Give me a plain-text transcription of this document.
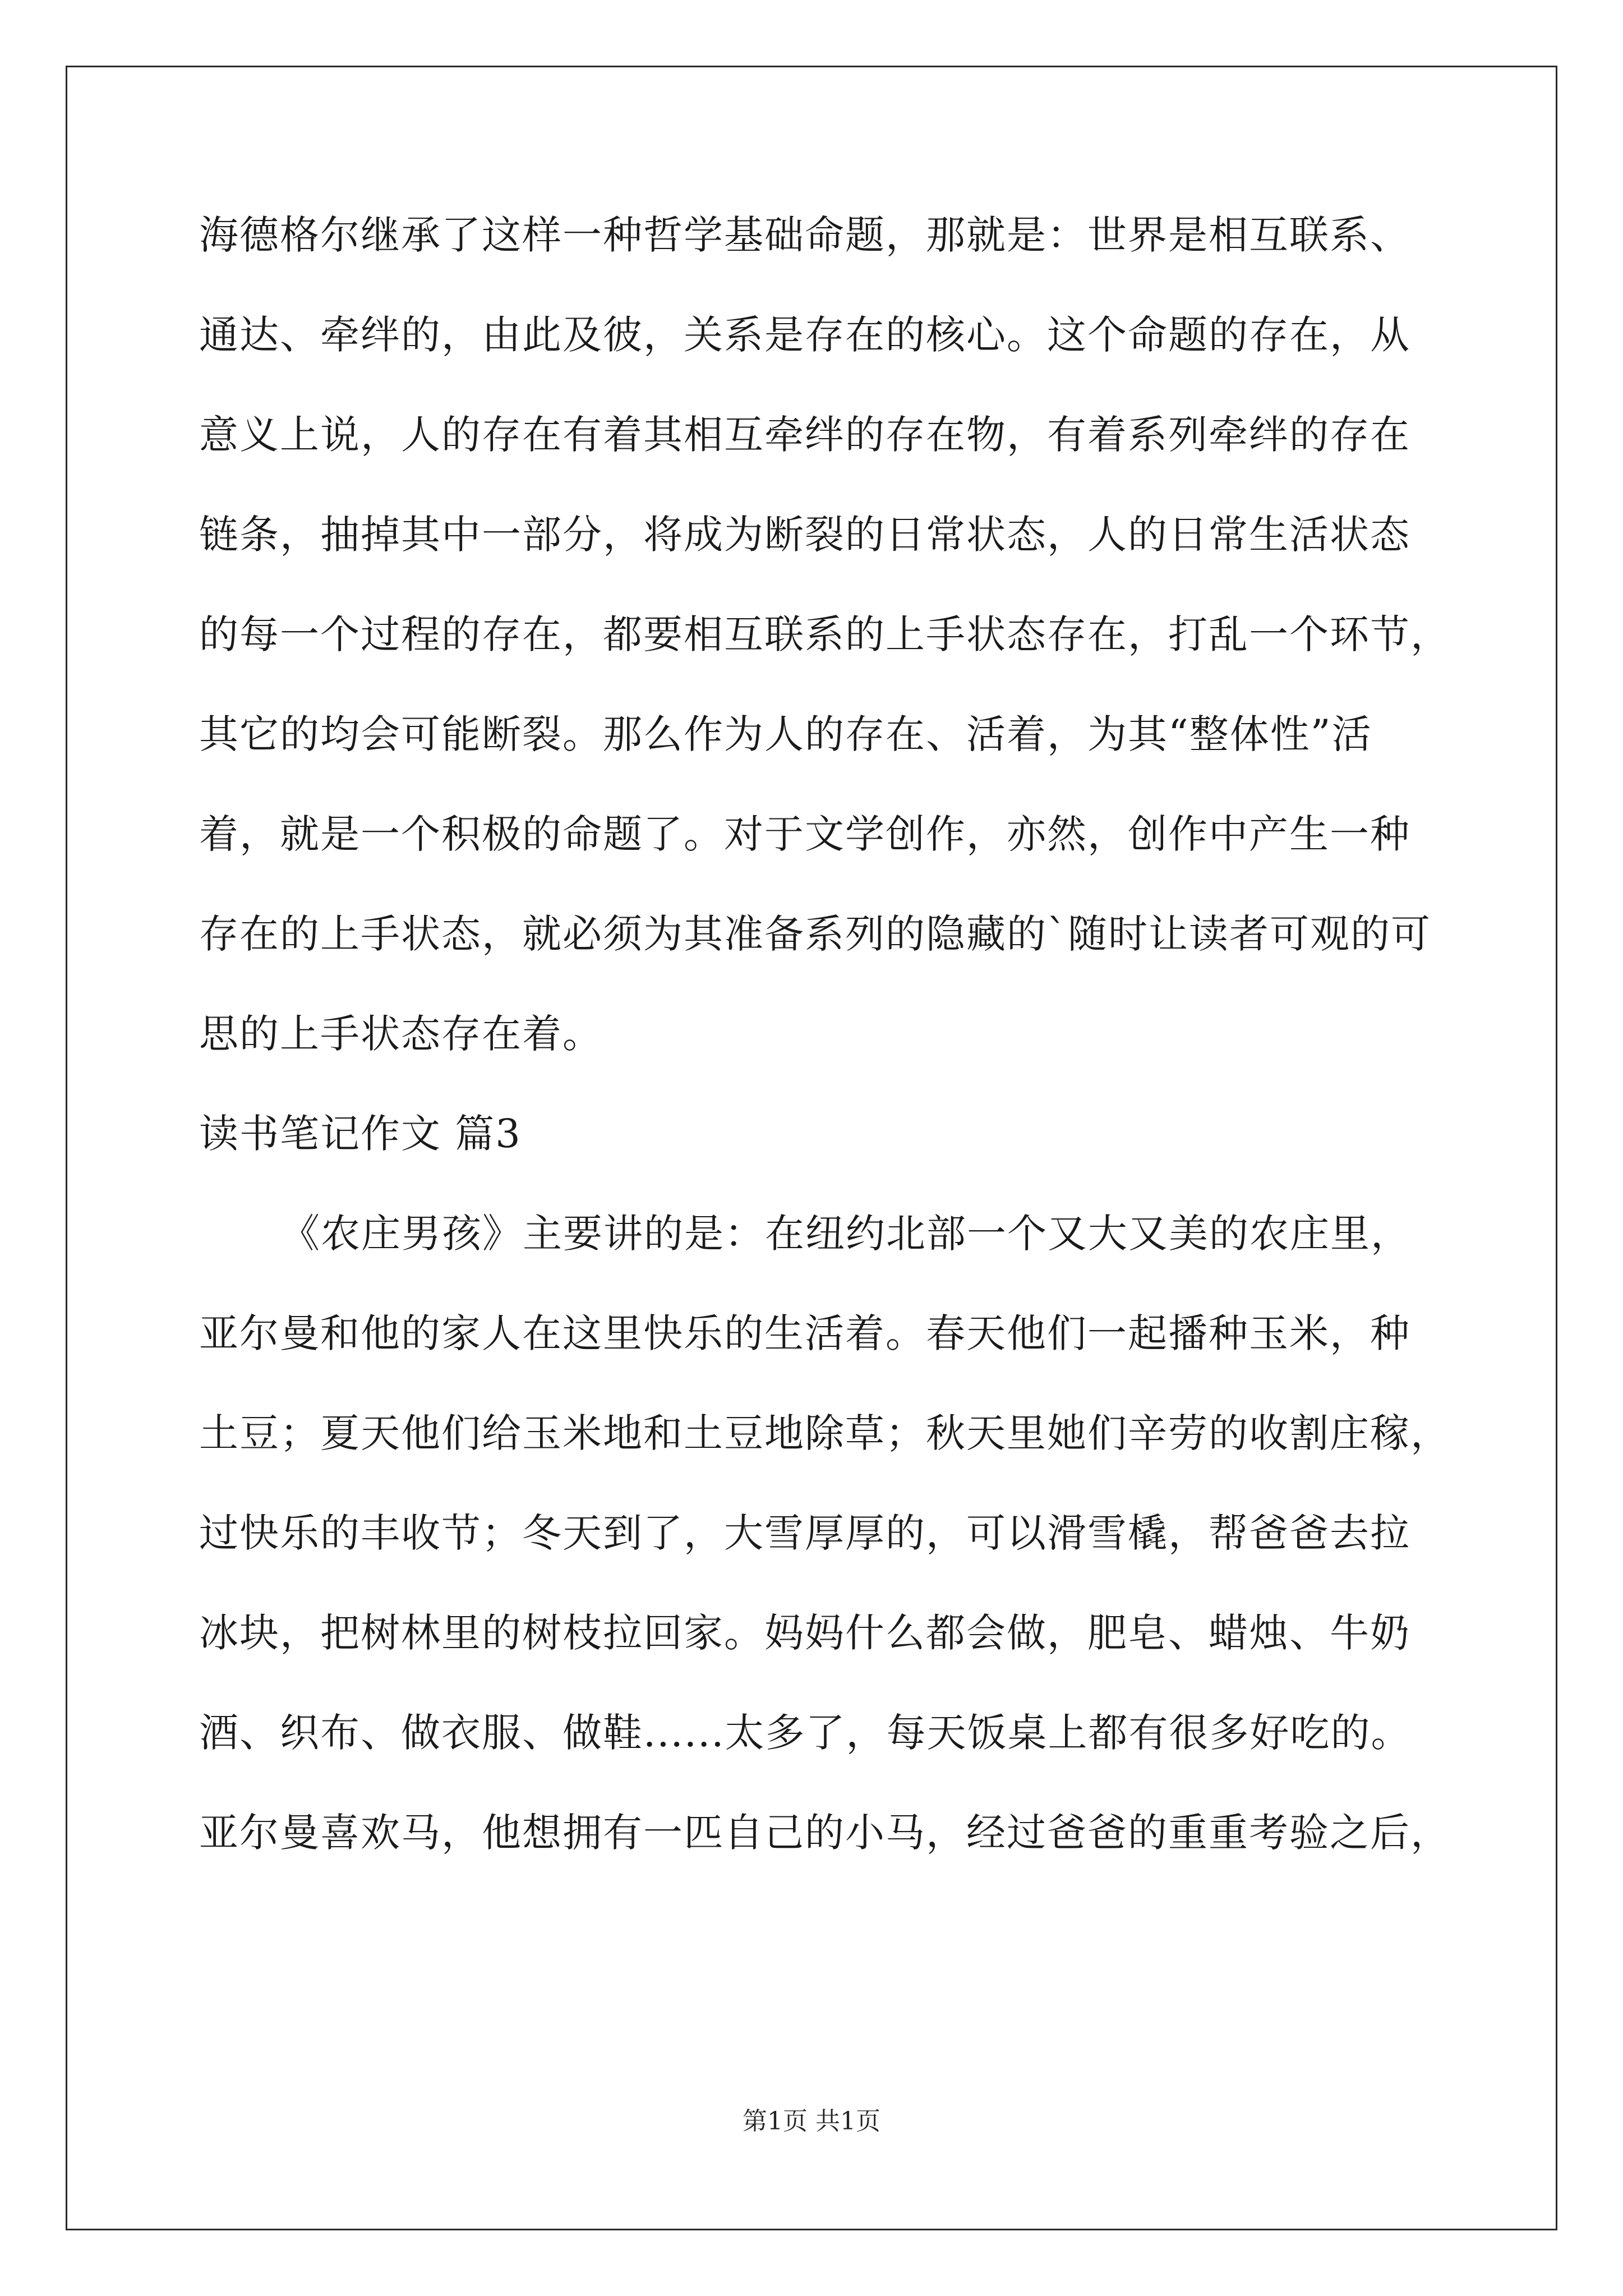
海德格尔继承了这样一种哲学基础命题，那就是：世界是相互联系、
通达、牵绊的，由此及彼，关系是存在的核心。这个命题的存在，从
意义上说，人的存在有着其相互牵绊的存在物，有着系列牵绊的存在
链条，抽掉其中一部分，将成为断裂的日常状态，人的日常生活状态
的每一个过程的存在，都要相互联系的上手状态存在，打乱一个环节，
其它的均会可能断裂。那么作为人的存在、活着，为其“整体性”活
着，就是一个积极的命题了。对于文学创作，亦然，创作中产生一种
存在的上手状态，就必须为其准备系列的隐藏的`随时让读者可观的可
思的上手状态存在着。
读书笔记作文 篇3
《农庄男孩》主要讲的是：在纽约北部一个又大又美的农庄里，
亚尔曼和他的家人在这里快乐的生活着。春天他们一起播种玉米，种
土豆；夏天他们给玉米地和土豆地除草；秋天里她们辛劳的收割庄稼，
过快乐的丰收节；冬天到了，大雪厚厚的，可以滑雪橇，帮爸爸去拉
冰块，把树林里的树枝拉回家。妈妈什么都会做，肥皂、蜡烛、牛奶
酒、织布、做衣服、做鞋......太多了，每天饭桌上都有很多好吃的。
亚尔曼喜欢马，他想拥有一匹自己的小马，经过爸爸的重重考验之后，
第1页 共1页
